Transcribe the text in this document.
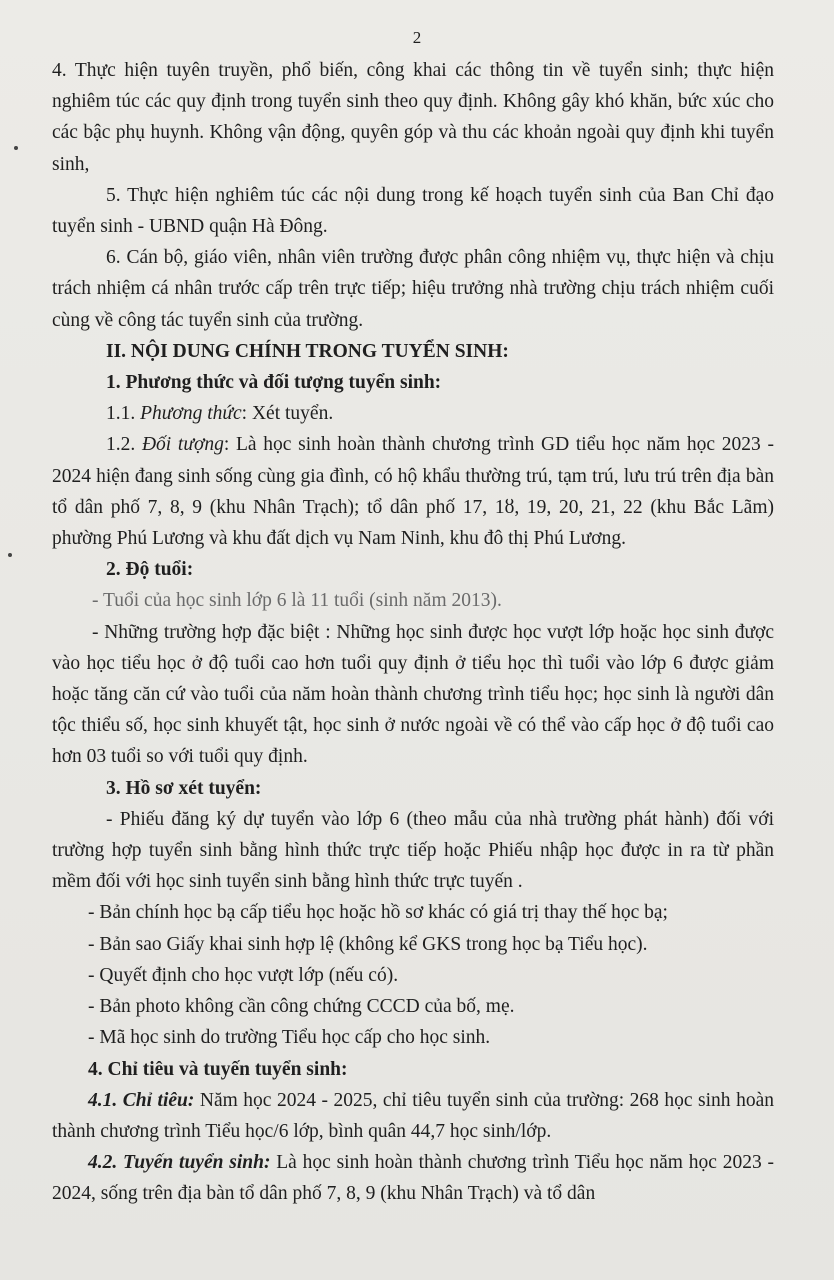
2

4. Thực hiện tuyên truyền, phổ biến, công khai các thông tin về tuyển sinh; thực hiện nghiêm túc các quy định trong tuyển sinh theo quy định. Không gây khó khăn, bức xúc cho các bậc phụ huynh. Không vận động, quyên góp và thu các khoản ngoài quy định khi tuyển sinh,

5. Thực hiện nghiêm túc các nội dung trong kế hoạch tuyển sinh của Ban Chỉ đạo tuyển sinh - UBND quận Hà Đông.

6. Cán bộ, giáo viên, nhân viên trường được phân công nhiệm vụ, thực hiện và chịu trách nhiệm cá nhân trước cấp trên trực tiếp; hiệu trưởng nhà trường chịu trách nhiệm cuối cùng về công tác tuyển sinh của trường.

II. NỘI DUNG CHÍNH TRONG TUYỂN SINH:

1. Phương thức và đối tượng tuyển sinh:

1.1. Phương thức: Xét tuyển.

1.2. Đối tượng: Là học sinh hoàn thành chương trình GD tiểu học năm học 2023 - 2024 hiện đang sinh sống cùng gia đình, có hộ khẩu thường trú, tạm trú, lưu trú trên địa bàn tổ dân phố 7, 8, 9 (khu Nhân Trạch); tổ dân phố 17, 1ȣ, 19, 20, 21, 22 (khu Bắc Lãm) phường Phú Lương và khu đất dịch vụ Nam Ninh, khu đô thị Phú Lương.

2. Độ tuổi:

- Tuổi của học sinh lớp 6 là 11 tuổi (sinh năm 2013).

- Những trường hợp đặc biệt : Những học sinh được học vượt lớp hoặc học sinh được vào học tiểu học ở độ tuổi cao hơn tuổi quy định ở tiểu học thì tuổi vào lớp 6 được giảm hoặc tăng căn cứ vào tuổi của năm hoàn thành chương trình tiểu học; học sinh là người dân tộc thiểu số, học sinh khuyết tật, học sinh ở nước ngoài về có thể vào cấp học ở độ tuổi cao hơn 03 tuổi so với tuổi quy định.

3. Hồ sơ xét tuyển:

- Phiếu đăng ký dự tuyển vào lớp 6 (theo mẫu của nhà trường phát hành) đối với trường hợp tuyển sinh bằng hình thức trực tiếp hoặc Phiếu nhập học được in ra từ phần mềm đối với học sinh tuyển sinh bằng hình thức trực tuyến .

- Bản chính học bạ cấp tiểu học hoặc hồ sơ khác có giá trị thay thế học bạ;

- Bản sao Giấy khai sinh hợp lệ (không kể GKS trong học bạ Tiểu học).

- Quyết định cho học vượt lớp (nếu có).

- Bản photo không cần công chứng CCCD của bố, mẹ.

- Mã học sinh do trường Tiểu học cấp cho học sinh.

4. Chỉ tiêu và tuyến tuyển sinh:

4.1. Chỉ tiêu: Năm học 2024 - 2025, chỉ tiêu tuyển sinh của trường: 268 học sinh hoàn thành chương trình Tiểu học/6 lớp, bình quân 44,7 học sinh/lớp.

4.2. Tuyến tuyển sinh: Là học sinh hoàn thành chương trình Tiểu học năm học 2023 - 2024, sống trên địa bàn tổ dân phố 7, 8, 9 (khu Nhân Trạch) và tổ dân
